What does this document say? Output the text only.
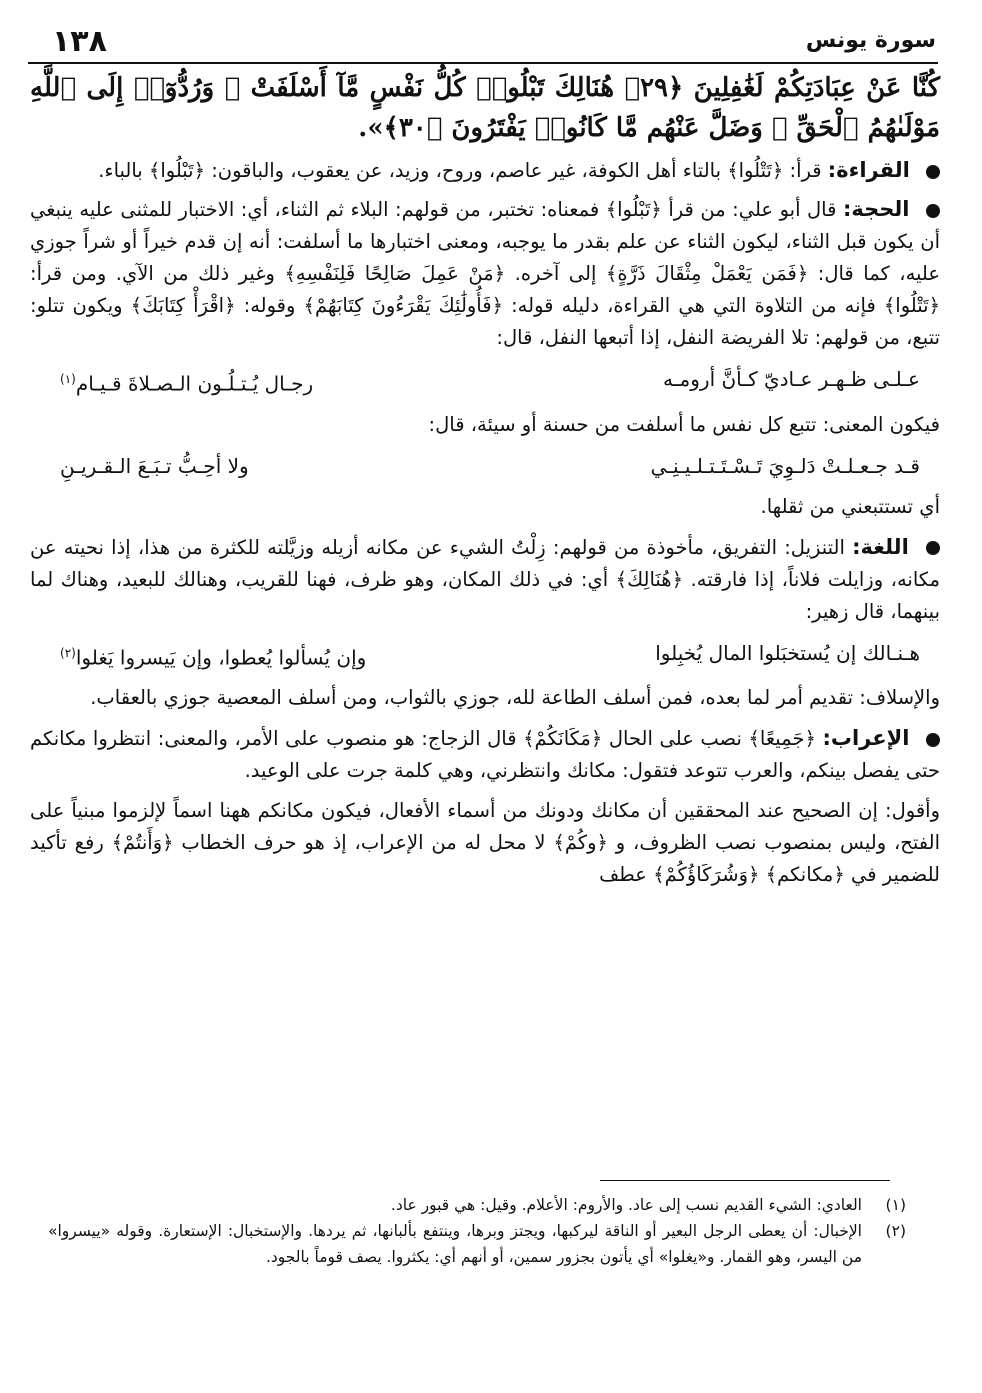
١٣٨	سورة يونس

كُنَّا عَنْ عِبَادَتِكُمْ لَغَٰفِلِينَ ﴿٢٩﴾ هُنَالِكَ تَبْلُوا۟ كُلُّ نَفْسٍ مَّآ أَسْلَفَتْ ۚ وَرُدُّوٓا۟ إِلَى ٱللَّهِ مَوْلَىٰهُمُ ٱلْحَقِّ ۖ وَضَلَّ عَنْهُم مَّا كَانُوا۟ يَفْتَرُونَ ﴿٣٠﴾».

القراءة: قرأ: ﴿تَتْلُوا﴾ بالتاء أهل الكوفة، غير عاصم، وروح، وزيد، عن يعقوب، والباقون: ﴿تَبْلُوا﴾ بالباء.

الحجة: قال أبو علي: من قرأ ﴿تَبْلُوا﴾ فمعناه: تختبر، من قولهم: البلاء ثم الثناء، أي: الاختبار للمثنى عليه ينبغي أن يكون قبل الثناء، ليكون الثناء عن علم بقدر ما يوجبه، ومعنى اختبارها ما أسلفت: أنه إن قدم خيراً أو شراً جوزي عليه، كما قال: ﴿فَمَن يَعْمَلْ مِثْقَالَ ذَرَّةٍ﴾ إلى آخره. ﴿مَنْ عَمِلَ صَالِحًا فَلِنَفْسِهِ﴾ وغير ذلك من الآي. ومن قرأ: ﴿تَتْلُوا﴾ فإنه من التلاوة التي هي القراءة، دليله قوله: ﴿فَأُولَٰئِكَ يَقْرَءُونَ كِتَابَهُمْ﴾ وقوله: ﴿اقْرَأْ كِتَابَكَ﴾ ويكون تتلو: تتبع، من قولهم: تلا الفريضة النفل، إذا أتبعها النفل، قال:

عـلـى ظـهـر عـاديّ كـأنَّ أرومـه
رجـال يُـتـلُـون الـصـلاةَ قـيـام$^{(١)}$

فيكون المعنى: تتبع كل نفس ما أسلفت من حسنة أو سيئة، قال:

قـد جـعـلـتْ دَلـوِيَ تَـسْـتَـتـلـيـنِـي
ولا أحِـبُّ تـبَـعَ الـقـريـنِ

أي تستتبعني من ثقلها.

اللغة: التنزيل: التفريق، مأخوذة من قولهم: زِلْتُ الشيء عن مكانه أزيله وزيَّلته للكثرة من هذا، إذا نحيته عن مكانه، وزايلت فلاناً، إذا فارقته. ﴿هُنَالِكَ﴾ أي: في ذلك المكان، وهو ظرف، فهنا للقريب، وهنالك للبعيد، وهناك لما بينهما، قال زهير:

هـنـالك إن يُستخبَلوا المال يُخبِلوا
وإن يُسألوا يُعطوا، وإن يَيسروا يَغلوا$^{(٢)}$

والإسلاف: تقديم أمر لما بعده، فمن أسلف الطاعة لله، جوزي بالثواب، ومن أسلف المعصية جوزي بالعقاب.

الإعراب: ﴿جَمِيعًا﴾ نصب على الحال ﴿مَكَانَكُمْ﴾ قال الزجاج: هو منصوب على الأمر، والمعنى: انتظروا مكانكم حتى يفصل بينكم، والعرب تتوعد فتقول: مكانك وانتظرني، وهي كلمة جرت على الوعيد.

وأقول: إن الصحيح عند المحققين أن مكانك ودونك من أسماء الأفعال، فيكون مكانكم ههنا اسماً لإلزموا مبنياً على الفتح، وليس بمنصوب نصب الظروف، و ﴿وكُمْ﴾ لا محل له من الإعراب، إذ هو حرف الخطاب ﴿وَأَنتُمْ﴾ رفع تأكيد للضمير في ﴿مكانكم﴾ ﴿وَشُرَكَاؤُكُمْ﴾ عطف

(١)
العادي: الشيء القديم نسب إلى عاد. والأروم: الأعلام. وقيل: هي قبور عاد.

(٢)
الإخبال: أن يعطى الرجل البعير أو الناقة ليركبها، ويجتز وبرها، وينتفع بألبانها، ثم يردها. والإستخبال: الإستعارة. وقوله «ييسروا» من اليسر، وهو القمار. و«يغلوا» أي يأتون بجزور سمين، أو أنهم أي: يكثروا. يصف قوماً بالجود.
